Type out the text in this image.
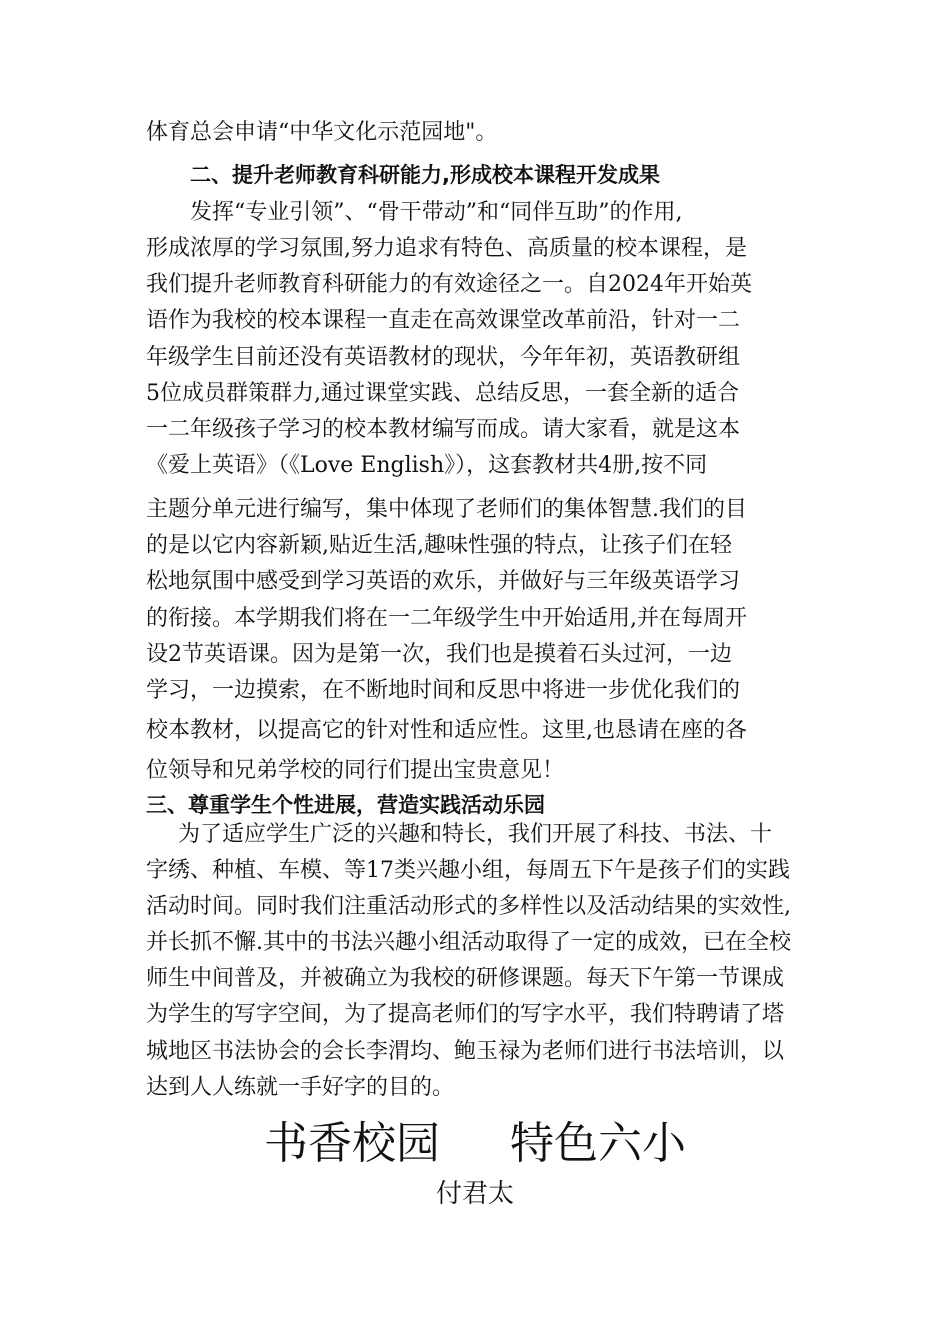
体育总会申请“中华文化示范园地"。
二、提升老师教育科研能力,形成校本课程开发成果
发挥“专业引领”、“骨干带动”和“同伴互助”的作用,
形成浓厚的学习氛围,努力追求有特色、高质量的校本课程，是
我们提升老师教育科研能力的有效途径之一。自2024年开始英
语作为我校的校本课程一直走在高效课堂改革前沿，针对一二
年级学生目前还没有英语教材的现状，今年年初，英语教研组
5位成员群策群力,通过课堂实践、总结反思，一套全新的适合
一二年级孩子学习的校本教材编写而成。请大家看，就是这本
《爱上英语》（《Love English》），这套教材共4册,按不同
主题分单元进行编写，集中体现了老师们的集体智慧.我们的目
的是以它内容新颖,贴近生活,趣味性强的特点，让孩子们在轻
松地氛围中感受到学习英语的欢乐，并做好与三年级英语学习
的衔接。本学期我们将在一二年级学生中开始适用,并在每周开
设2节英语课。因为是第一次，我们也是摸着石头过河，一边
学习，一边摸索，在不断地时间和反思中将进一步优化我们的
校本教材，以提高它的针对性和适应性。这里,也恳请在座的各
位领导和兄弟学校的同行们提出宝贵意见！
三、尊重学生个性进展，营造实践活动乐园
为了适应学生广泛的兴趣和特长，我们开展了科技、书法、十
字绣、种植、车模、等17类兴趣小组，每周五下午是孩子们的实践
活动时间。同时我们注重活动形式的多样性以及活动结果的实效性,
并长抓不懈.其中的书法兴趣小组活动取得了一定的成效，已在全校
师生中间普及，并被确立为我校的研修课题。每天下午第一节课成
为学生的写字空间，为了提高老师们的写字水平，我们特聘请了塔
城地区书法协会的会长李渭均、鲍玉禄为老师们进行书法培训，以
达到人人练就一手好字的目的。
书香校园     特色六小
付君太
